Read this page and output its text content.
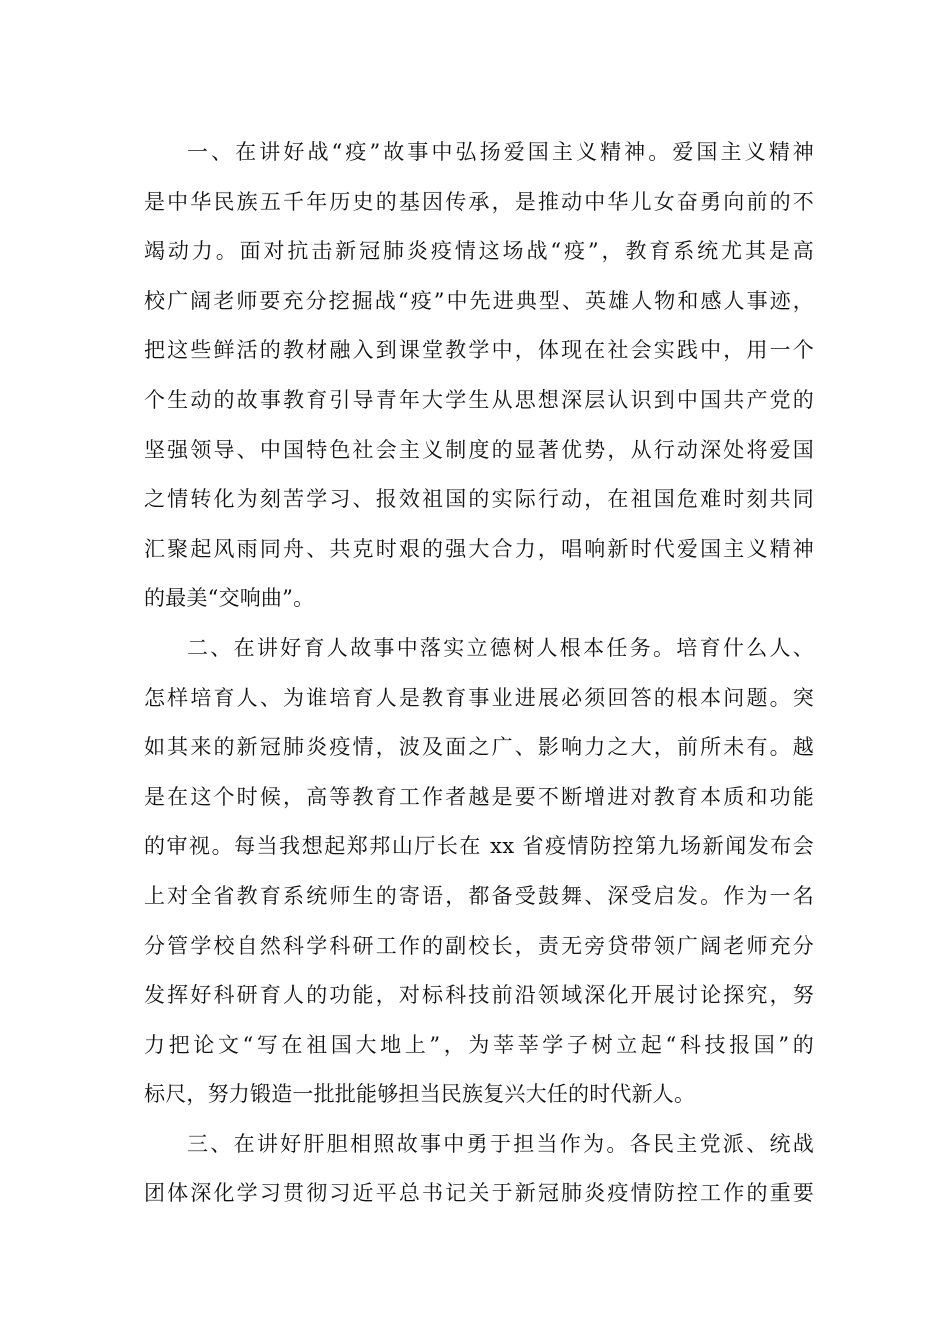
一、在讲好战“疫”故事中弘扬爱国主义精神。爱国主义精神
是中华民族五千年历史的基因传承，是推动中华儿女奋勇向前的不
竭动力。面对抗击新冠肺炎疫情这场战“疫”，教育系统尤其是高
校广阔老师要充分挖掘战“疫”中先进典型、英雄人物和感人事迹，
把这些鲜活的教材融入到课堂教学中，体现在社会实践中，用一个
个生动的故事教育引导青年大学生从思想深层认识到中国共产党的
坚强领导、中国特色社会主义制度的显著优势，从行动深处将爱国
之情转化为刻苦学习、报效祖国的实际行动，在祖国危难时刻共同
汇聚起风雨同舟、共克时艰的强大合力，唱响新时代爱国主义精神
的最美“交响曲”。
二、在讲好育人故事中落实立德树人根本任务。培育什么人、
怎样培育人、为谁培育人是教育事业进展必须回答的根本问题。突
如其来的新冠肺炎疫情，波及面之广、影响力之大，前所未有。越
是在这个时候，高等教育工作者越是要不断增进对教育本质和功能
的审视。每当我想起郑邦山厅长在 xx 省疫情防控第九场新闻发布会
上对全省教育系统师生的寄语，都备受鼓舞、深受启发。作为一名
分管学校自然科学科研工作的副校长，责无旁贷带领广阔老师充分
发挥好科研育人的功能，对标科技前沿领域深化开展讨论探究，努
力把论文“写在祖国大地上”，为莘莘学子树立起“科技报国”的
标尺，努力锻造一批批能够担当民族复兴大任的时代新人。
三、在讲好肝胆相照故事中勇于担当作为。各民主党派、统战
团体深化学习贯彻习近平总书记关于新冠肺炎疫情防控工作的重要
